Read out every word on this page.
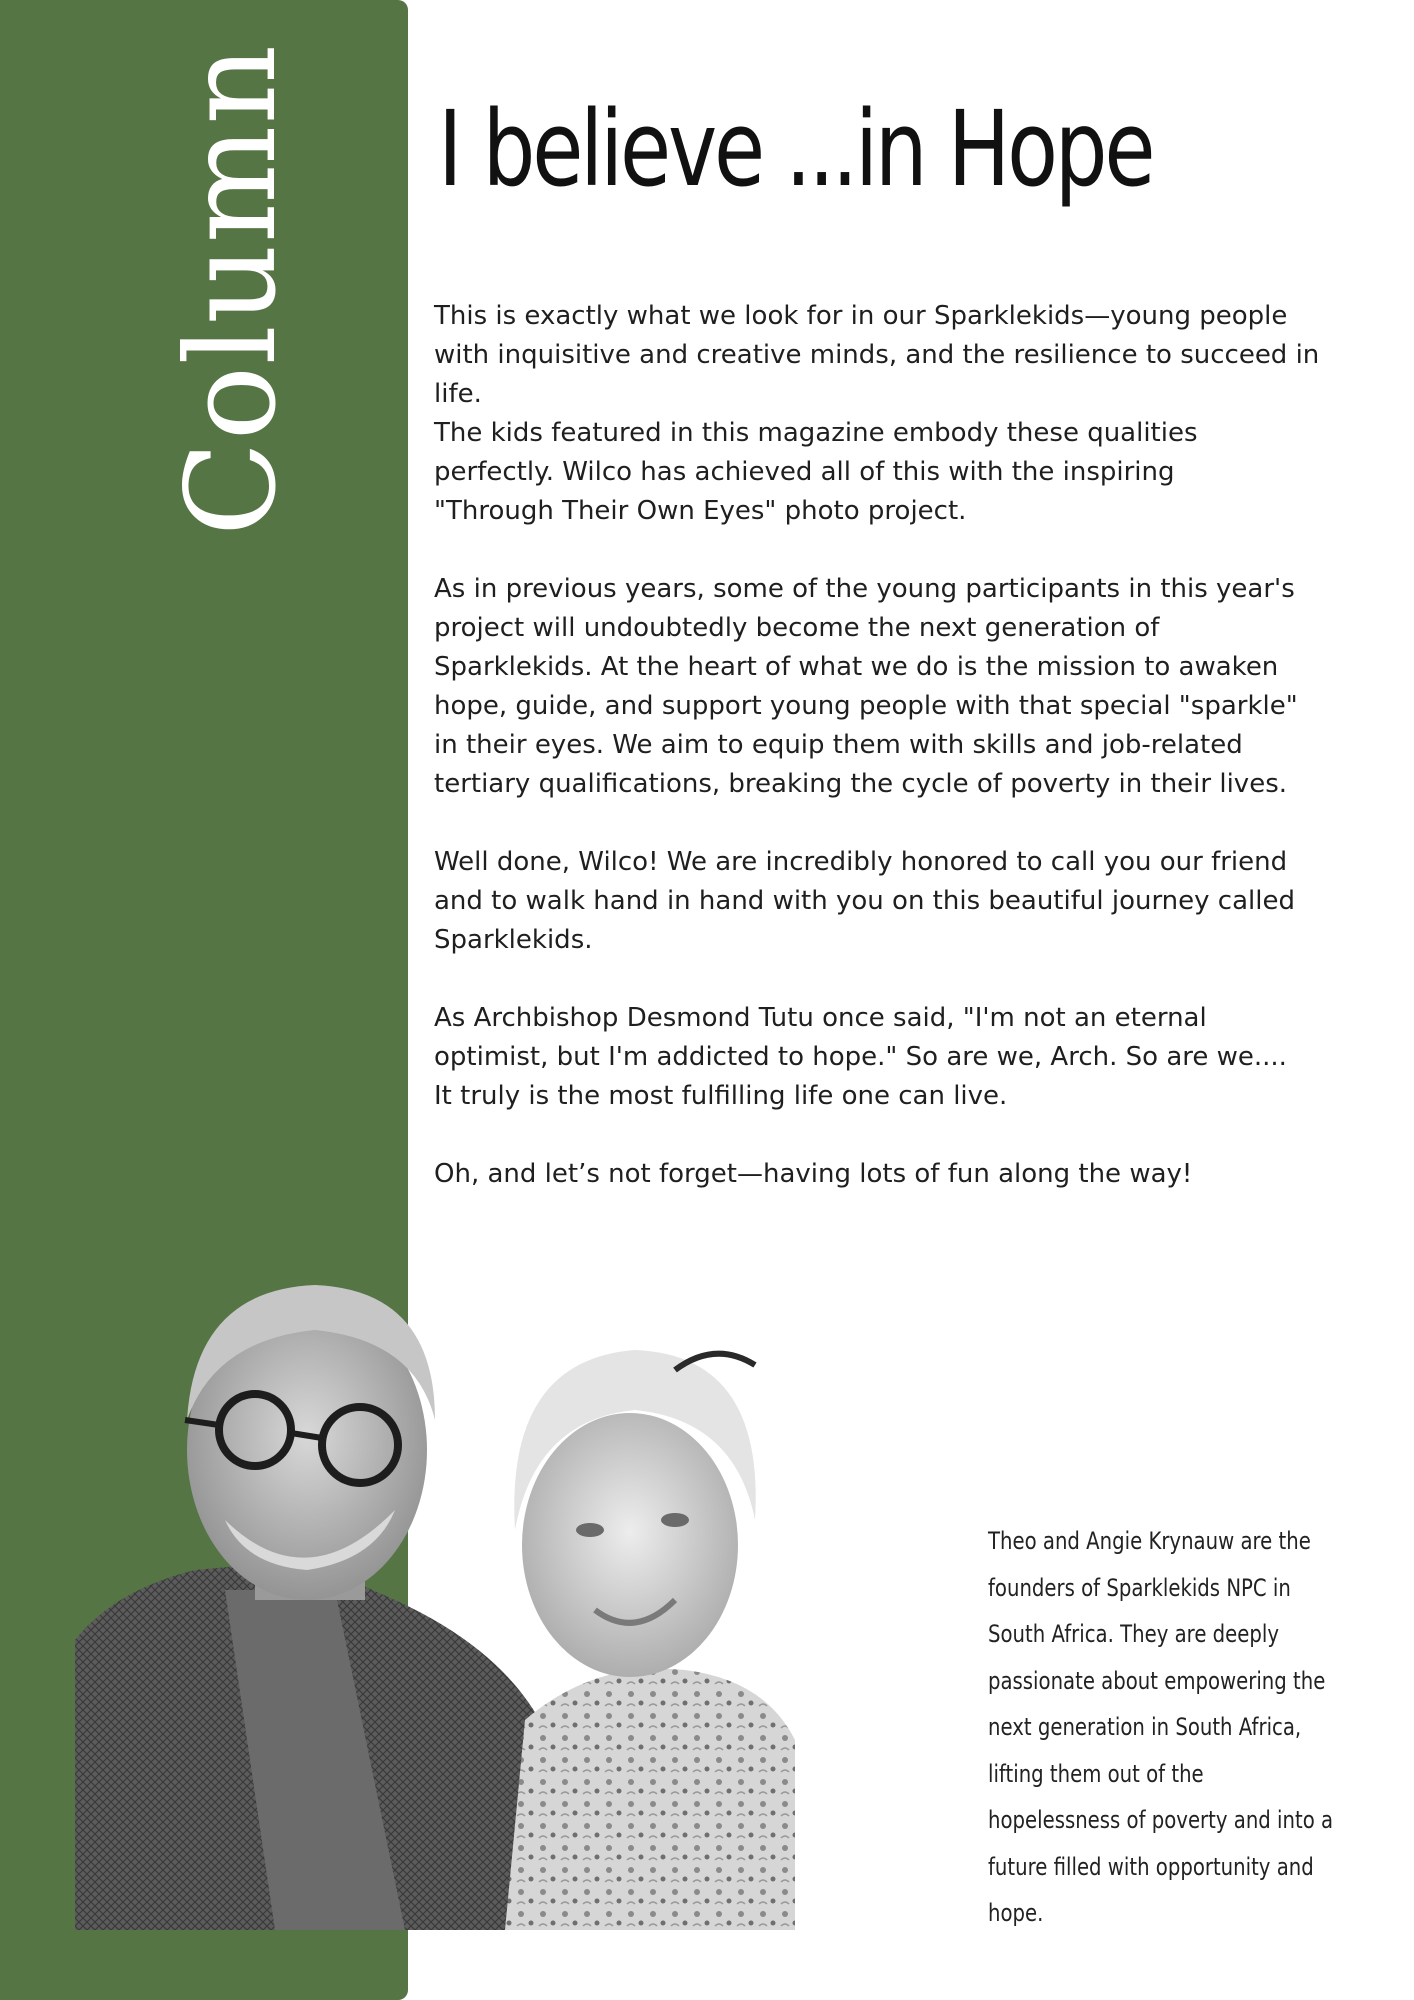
Column I believe ...in Hope

This is exactly what we look for in our Sparklekids—young people
with inquisitive and creative minds, and the resilience to succeed in
life.
The kids featured in this magazine embody these qualities
perfectly. Wilco has achieved all of this with the inspiring
"Through Their Own Eyes" photo project.

As in previous years, some of the young participants in this year's
project will undoubtedly become the next generation of
Sparklekids. At the heart of what we do is the mission to awaken
hope, guide, and support young people with that special "sparkle"
in their eyes. We aim to equip them with skills and job-related
tertiary qualifications, breaking the cycle of poverty in their lives.

Well done, Wilco! We are incredibly honored to call you our friend
and to walk hand in hand with you on this beautiful journey called
Sparklekids.

As Archbishop Desmond Tutu once said, "I'm not an eternal
optimist, but I'm addicted to hope." So are we, Arch. So are we....
It truly is the most fulfilling life one can live.

Oh, and let’s not forget—having lots of fun along the way!

Theo and Angie Krynauw are the
founders of Sparklekids NPC in
South Africa. They are deeply
passionate about empowering the
next generation in South Africa,
lifting them out of the
hopelessness of poverty and into a
future filled with opportunity and
hope.
